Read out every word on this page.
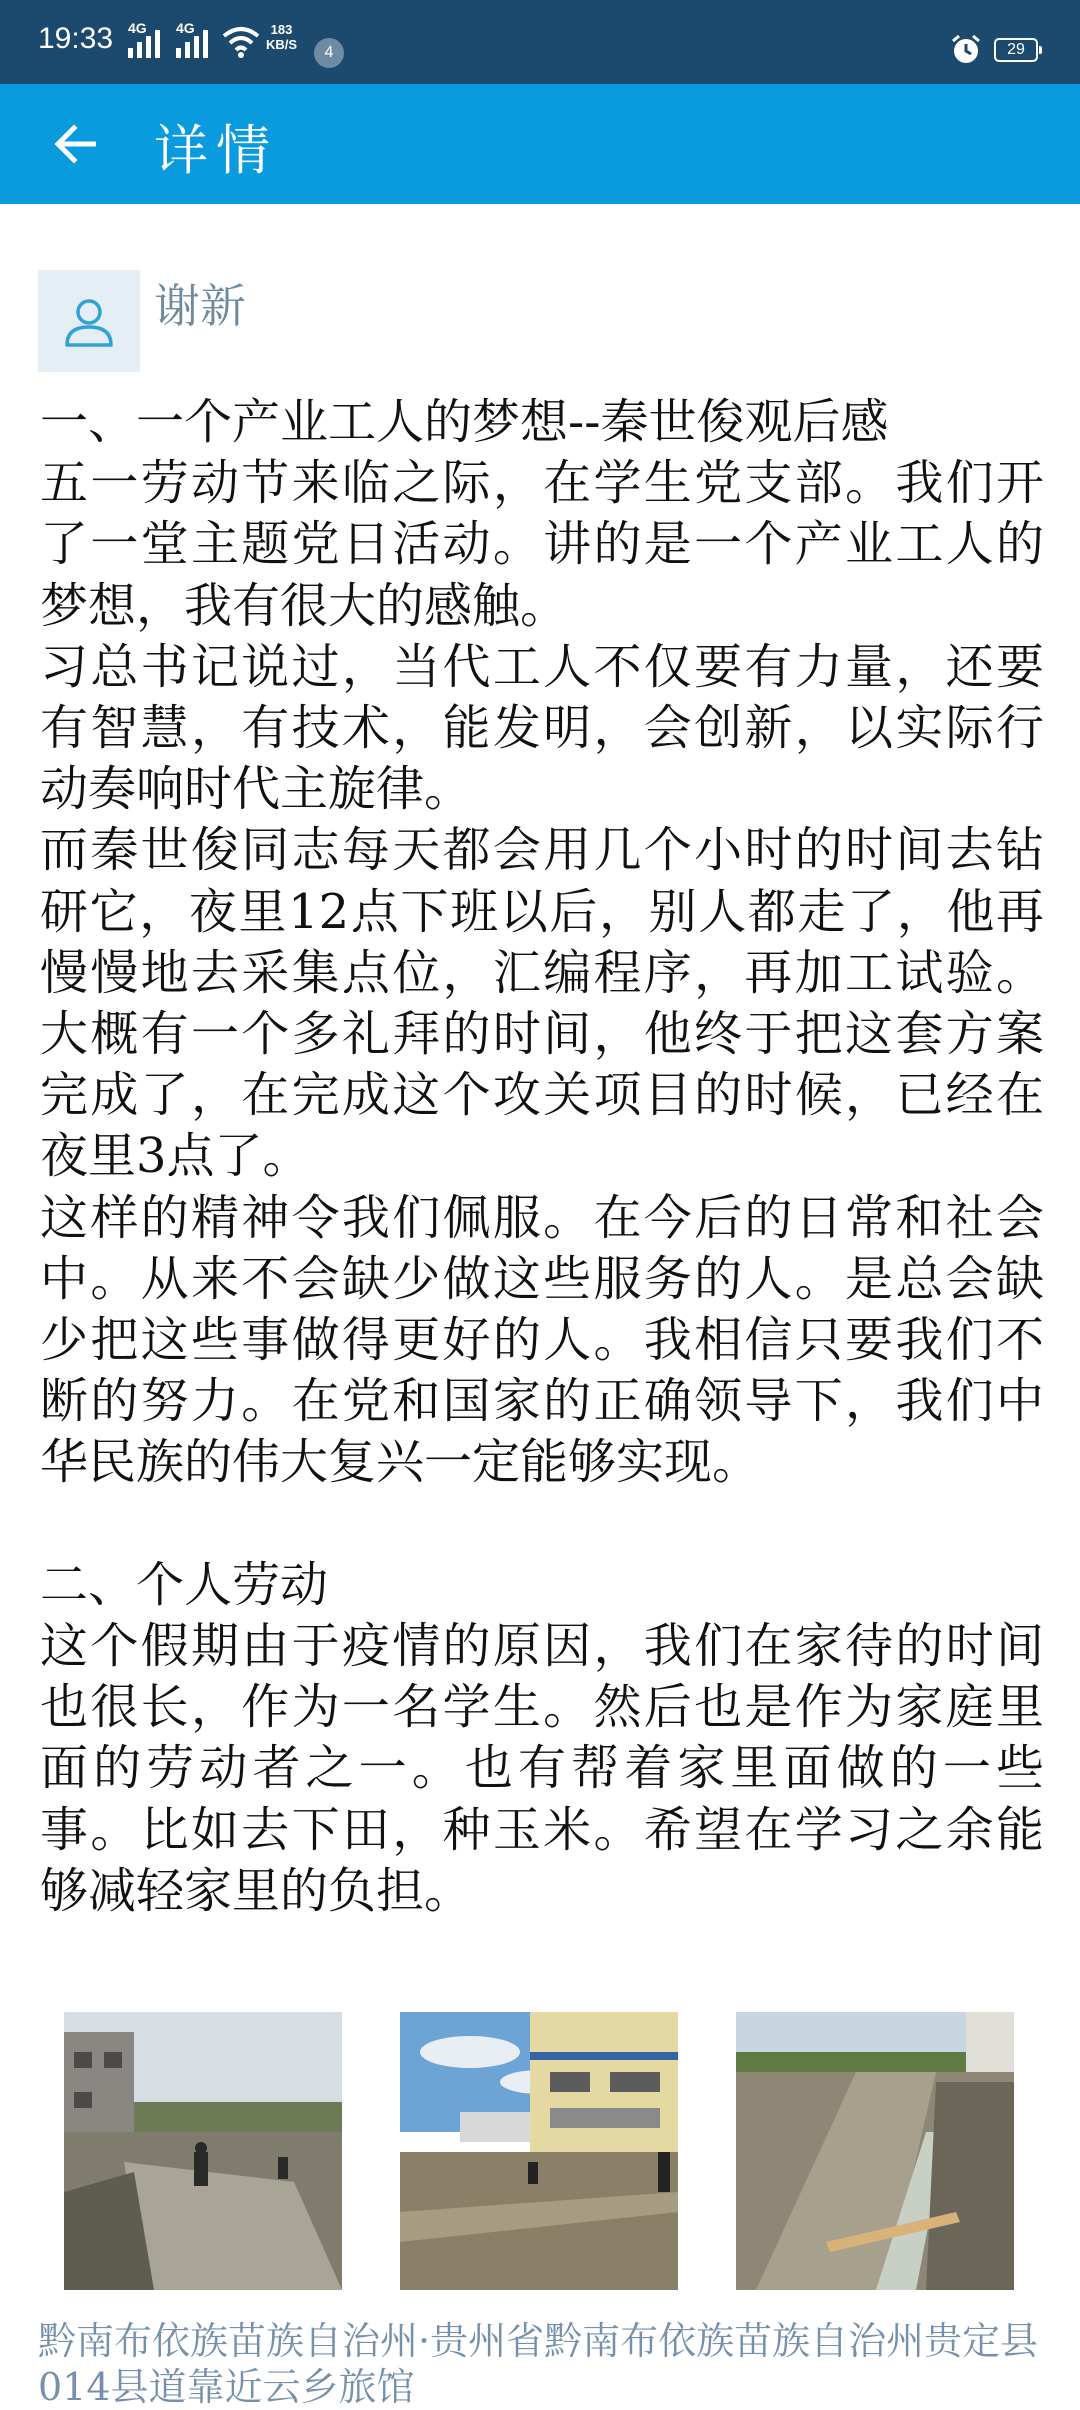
19:33 4G 4G	183
KB/S	4	29
详情
谢新

一、一个产业工人的梦想--秦世俊观后感

五一劳动节来临之际，在学生党支部。我们开了一堂主题党日活动。讲的是一个产业工人的梦想，我有很大的感触。

习总书记说过，当代工人不仅要有力量，还要有智慧，有技术，能发明，会创新，以实际行动奏响时代主旋律。

而秦世俊同志每天都会用几个小时的时间去钻研它，夜里12点下班以后，别人都走了，他再慢慢地去采集点位，汇编程序，再加工试验。大概有一个多礼拜的时间，他终于把这套方案完成了，在完成这个攻关项目的时候，已经在夜里3点了。

这样的精神令我们佩服。在今后的日常和社会中。从来不会缺少做这些服务的人。是总会缺少把这些事做得更好的人。我相信只要我们不断的努力。在党和国家的正确领导下，我们中华民族的伟大复兴一定能够实现。

二、个人劳动

这个假期由于疫情的原因，我们在家待的时间也很长，作为一名学生。然后也是作为家庭里面的劳动者之一。也有帮着家里面做的一些事。比如去下田，种玉米。希望在学习之余能够减轻家里的负担。

黔南布依族苗族自治州·贵州省黔南布依族苗族自治州贵定县014县道靠近云乡旅馆
